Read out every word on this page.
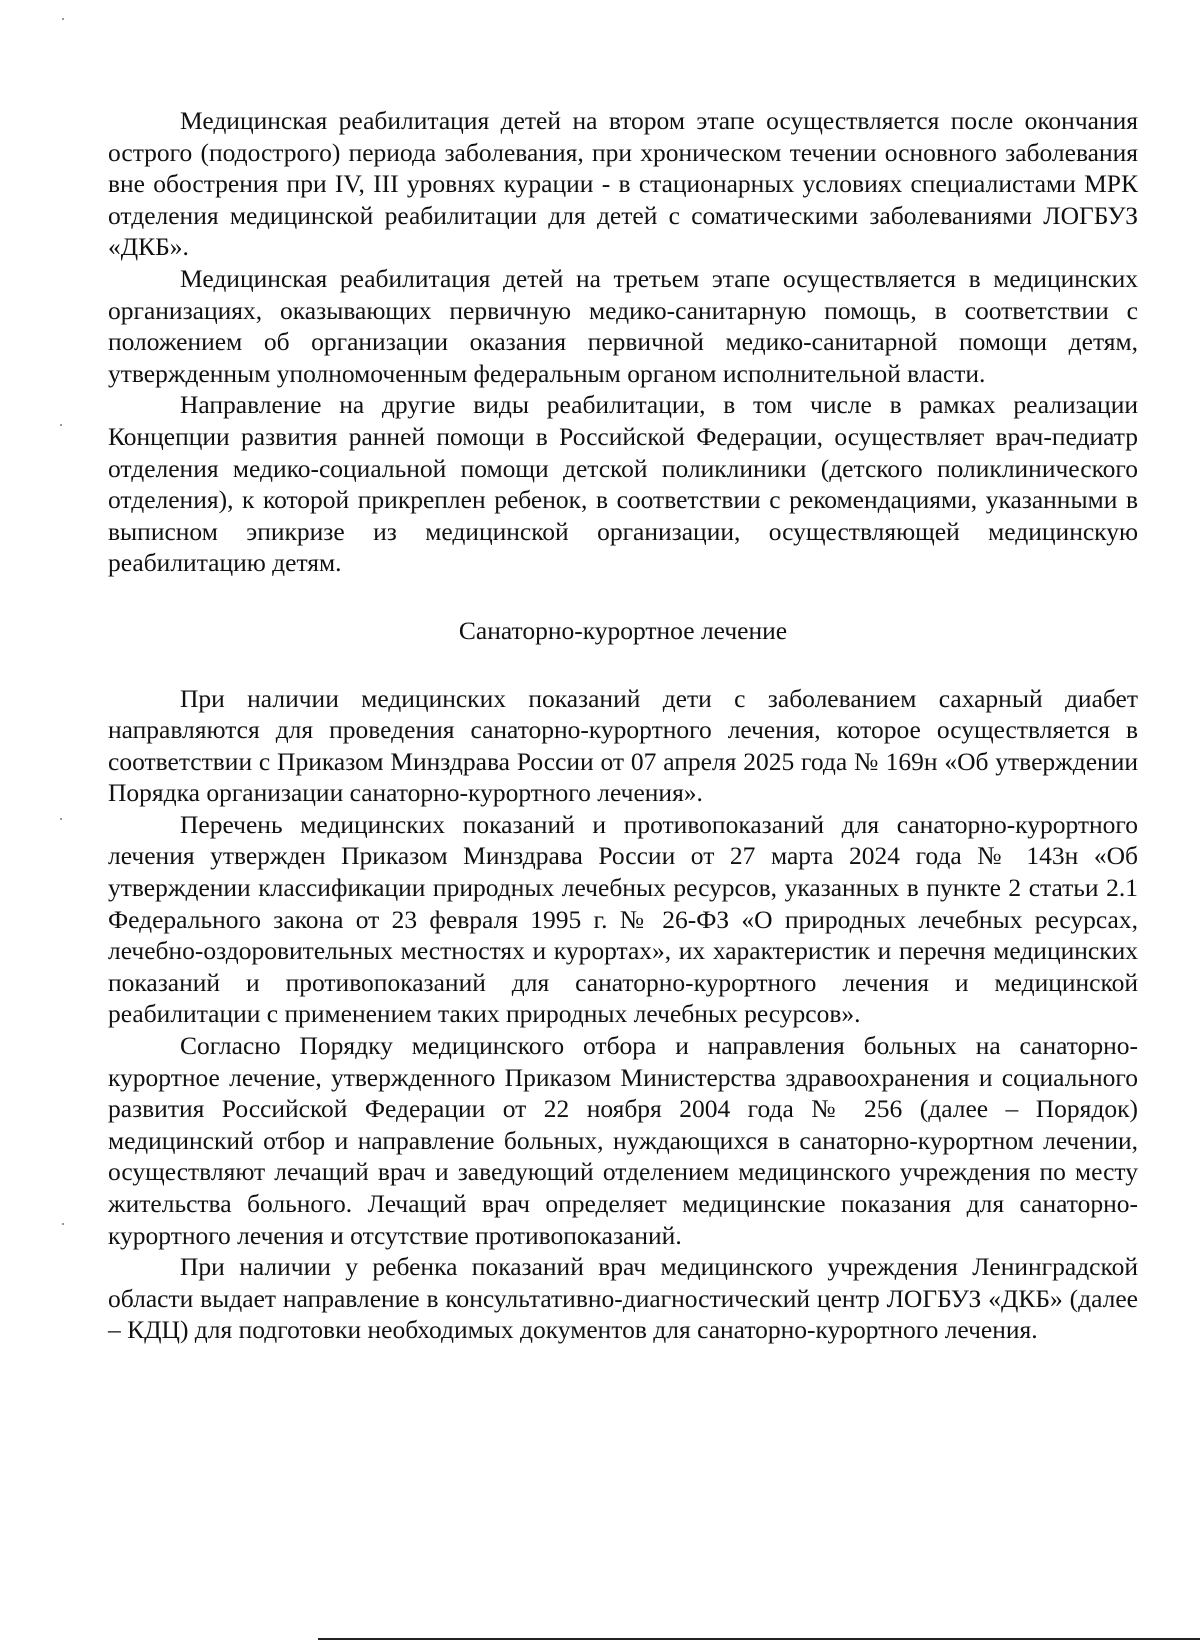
Медицинская реабилитация детей на втором этапе осуществляется после окончания острого (подострого) периода заболевания, при хроническом течении основного заболевания вне обострения при IV, III уровнях курации - в стационарных условиях специалистами МРК отделения медицинской реабилитации для детей с соматическими заболеваниями ЛОГБУЗ «ДКБ».

Медицинская реабилитация детей на третьем этапе осуществляется в медицинских организациях, оказывающих первичную медико-санитарную помощь, в соответствии с положением об организации оказания первичной медико-санитарной помощи детям, утвержденным уполномоченным федеральным органом исполнительной власти.

Направление на другие виды реабилитации, в том числе в рамках реализации Концепции развития ранней помощи в Российской Федерации, осуществляет врач-педиатр отделения медико-социальной помощи детской поликлиники (детского поликлинического отделения), к которой прикреплен ребенок, в соответствии с рекомендациями, указанными в выписном эпикризе из медицинской организации, осуществляющей медицинскую реабилитацию детям.

Санаторно-курортное лечение

При наличии медицинских показаний дети с заболеванием сахарный диабет направляются для проведения санаторно-курортного лечения, которое осуществляется в соответствии с Приказом Минздрава России от 07 апреля 2025 года № 169н «Об утверждении Порядка организации санаторно-курортного лечения».

Перечень медицинских показаний и противопоказаний для санаторно-курортного лечения утвержден Приказом Минздрава России от 27 марта 2024 года № 143н «Об утверждении классификации природных лечебных ресурсов, указанных в пункте 2 статьи 2.1 Федерального закона от 23 февраля 1995 г. № 26-ФЗ «О природных лечебных ресурсах, лечебно-оздоровительных местностях и курортах», их характеристик и перечня медицинских показаний и противопоказаний для санаторно-курортного лечения и медицинской реабилитации с применением таких природных лечебных ресурсов».

Согласно Порядку медицинского отбора и направления больных на санаторно-курортное лечение, утвержденного Приказом Министерства здравоохранения и социального развития Российской Федерации от 22 ноября 2004 года № 256 (далее – Порядок) медицинский отбор и направление больных, нуждающихся в санаторно-курортном лечении, осуществляют лечащий врач и заведующий отделением медицинского учреждения по месту жительства больного. Лечащий врач определяет медицинские показания для санаторно-курортного лечения и отсутствие противопоказаний.

При наличии у ребенка показаний врач медицинского учреждения Ленинградской области выдает направление в консультативно-диагностический центр ЛОГБУЗ «ДКБ» (далее – КДЦ) для подготовки необходимых документов для санаторно-курортного лечения.
